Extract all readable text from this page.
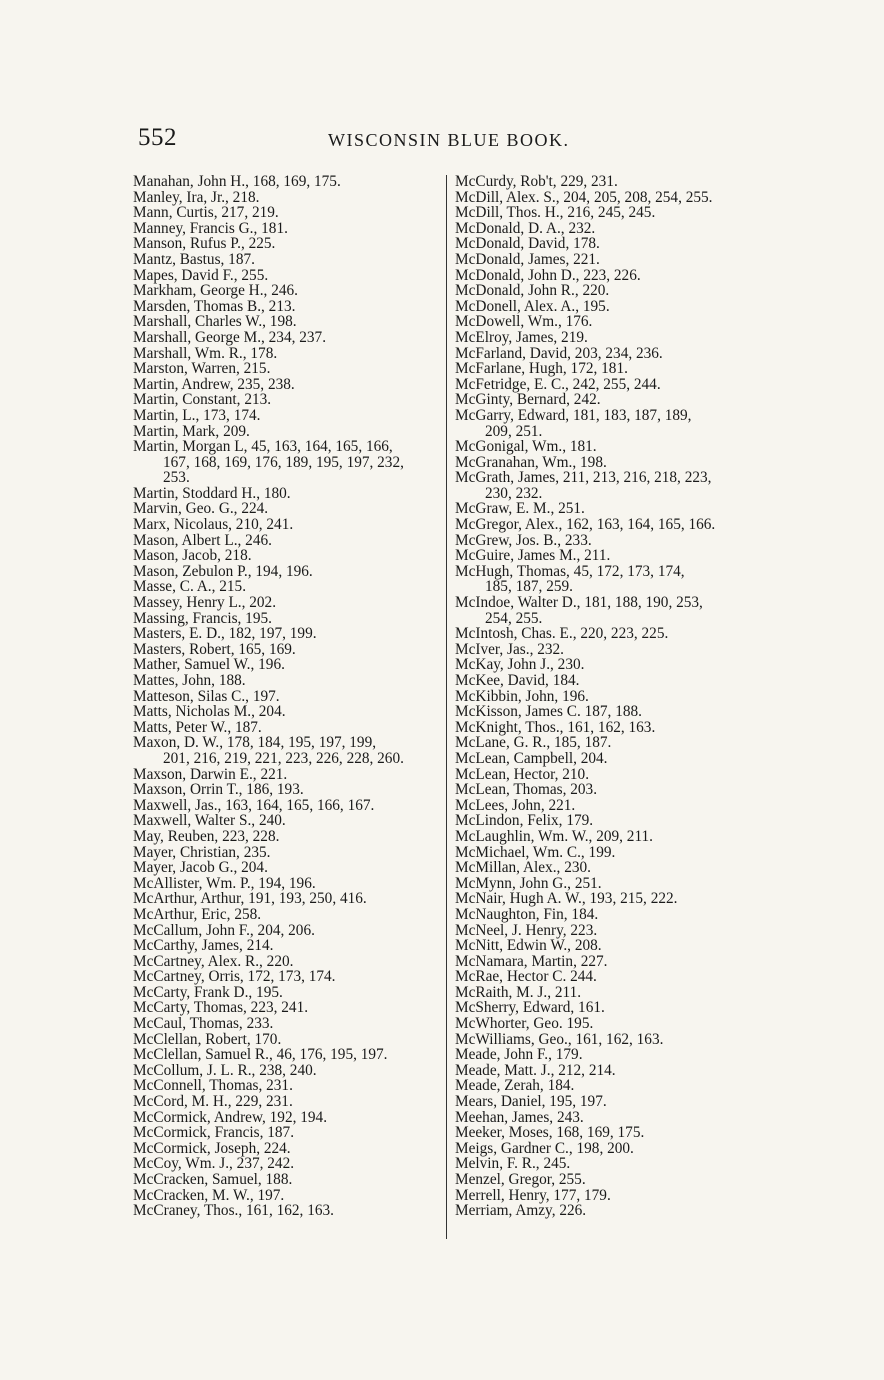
552	WISCONSIN BLUE BOOK.
Manahan, John H., 168, 169, 175.
Manley, Ira, Jr., 218.
Mann, Curtis, 217, 219.
Manney, Francis G., 181.
Manson, Rufus P., 225.
Mantz, Bastus, 187.
Mapes, David F., 255.
Markham, George H., 246.
Marsden, Thomas B., 213.
Marshall, Charles W., 198.
Marshall, George M., 234, 237.
Marshall, Wm. R., 178.
Marston, Warren, 215.
Martin, Andrew, 235, 238.
Martin, Constant, 213.
Martin, L., 173, 174.
Martin, Mark, 209.
Martin, Morgan L, 45, 163, 164, 165, 166,
167, 168, 169, 176, 189, 195, 197, 232,
253.
Martin, Stoddard H., 180.
Marvin, Geo. G., 224.
Marx, Nicolaus, 210, 241.
Mason, Albert L., 246.
Mason, Jacob, 218.
Mason, Zebulon P., 194, 196.
Masse, C. A., 215.
Massey, Henry L., 202.
Massing, Francis, 195.
Masters, E. D., 182, 197, 199.
Masters, Robert, 165, 169.
Mather, Samuel W., 196.
Mattes, John, 188.
Matteson, Silas C., 197.
Matts, Nicholas M., 204.
Matts, Peter W., 187.
Maxon, D. W., 178, 184, 195, 197, 199,
201, 216, 219, 221, 223, 226, 228, 260.
Maxson, Darwin E., 221.
Maxson, Orrin T., 186, 193.
Maxwell, Jas., 163, 164, 165, 166, 167.
Maxwell, Walter S., 240.
May, Reuben, 223, 228.
Mayer, Christian, 235.
Mayer, Jacob G., 204.
McAllister, Wm. P., 194, 196.
McArthur, Arthur, 191, 193, 250, 416.
McArthur, Eric, 258.
McCallum, John F., 204, 206.
McCarthy, James, 214.
McCartney, Alex. R., 220.
McCartney, Orris, 172, 173, 174.
McCarty, Frank D., 195.
McCarty, Thomas, 223, 241.
McCaul, Thomas, 233.
McClellan, Robert, 170.
McClellan, Samuel R., 46, 176, 195, 197.
McCollum, J. L. R., 238, 240.
McConnell, Thomas, 231.
McCord, M. H., 229, 231.
McCormick, Andrew, 192, 194.
McCormick, Francis, 187.
McCormick, Joseph, 224.
McCoy, Wm. J., 237, 242.
McCracken, Samuel, 188.
McCracken, M. W., 197.
McCraney, Thos., 161, 162, 163.
McCurdy, Rob't, 229, 231.
McDill, Alex. S., 204, 205, 208, 254, 255.
McDill, Thos. H., 216, 245, 245.
McDonald, D. A., 232.
McDonald, David, 178.
McDonald, James, 221.
McDonald, John D., 223, 226.
McDonald, John R., 220.
McDonell, Alex. A., 195.
McDowell, Wm., 176.
McElroy, James, 219.
McFarland, David, 203, 234, 236.
McFarlane, Hugh, 172, 181.
McFetridge, E. C., 242, 255, 244.
McGinty, Bernard, 242.
McGarry, Edward, 181, 183, 187, 189,
209, 251.
McGonigal, Wm., 181.
McGranahan, Wm., 198.
McGrath, James, 211, 213, 216, 218, 223,
230, 232.
McGraw, E. M., 251.
McGregor, Alex., 162, 163, 164, 165, 166.
McGrew, Jos. B., 233.
McGuire, James M., 211.
McHugh, Thomas, 45, 172, 173, 174,
185, 187, 259.
McIndoe, Walter D., 181, 188, 190, 253,
254, 255.
McIntosh, Chas. E., 220, 223, 225.
McIver, Jas., 232.
McKay, John J., 230.
McKee, David, 184.
McKibbin, John, 196.
McKisson, James C. 187, 188.
McKnight, Thos., 161, 162, 163.
McLane, G. R., 185, 187.
McLean, Campbell, 204.
McLean, Hector, 210.
McLean, Thomas, 203.
McLees, John, 221.
McLindon, Felix, 179.
McLaughlin, Wm. W., 209, 211.
McMichael, Wm. C., 199.
McMillan, Alex., 230.
McMynn, John G., 251.
McNair, Hugh A. W., 193, 215, 222.
McNaughton, Fin, 184.
McNeel, J. Henry, 223.
McNitt, Edwin W., 208.
McNamara, Martin, 227.
McRae, Hector C. 244.
McRaith, M. J., 211.
McSherry, Edward, 161.
McWhorter, Geo. 195.
McWilliams, Geo., 161, 162, 163.
Meade, John F., 179.
Meade, Matt. J., 212, 214.
Meade, Zerah, 184.
Mears, Daniel, 195, 197.
Meehan, James, 243.
Meeker, Moses, 168, 169, 175.
Meigs, Gardner C., 198, 200.
Melvin, F. R., 245.
Menzel, Gregor, 255.
Merrell, Henry, 177, 179.
Merriam, Amzy, 226.
